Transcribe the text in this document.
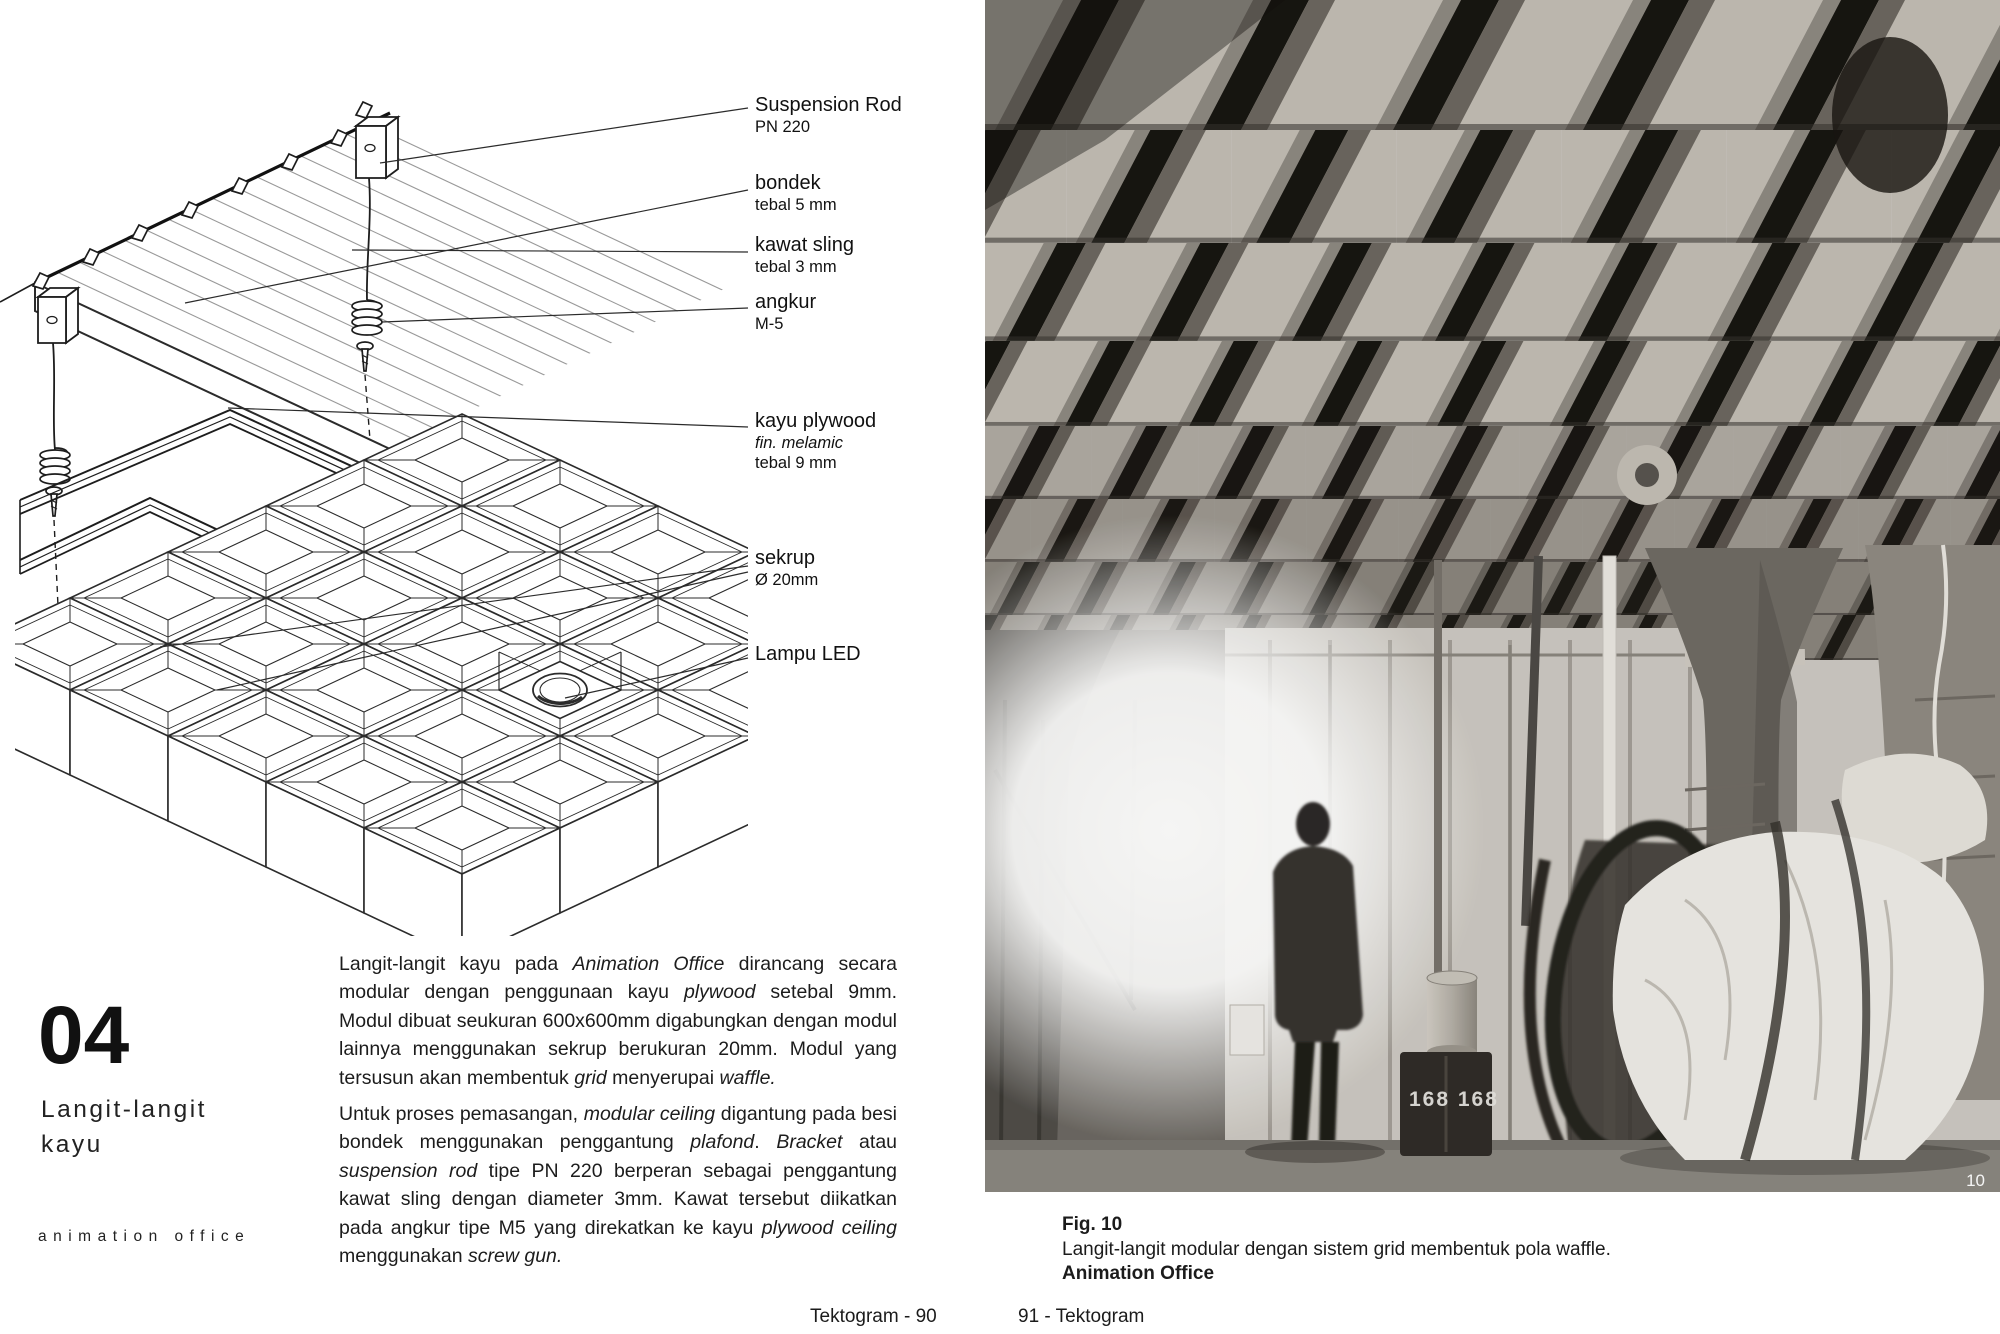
Suspension Rod
PN 220
bondek
tebal 5 mm
kawat sling
tebal 3 mm
angkur
M-5
kayu plywood
fin. melamic
tebal 9 mm
sekrup
Ø 20mm
Lampu LED
04
Langit-langit
kayu
animation office

Langit-langit kayu pada Animation Office dirancang secara modular dengan penggunaan kayu plywood setebal 9mm. Modul dibuat seukuran 600x600mm digabungkan dengan modul lainnya menggunakan sekrup berukuran 20mm. Modul yang tersusun akan membentuk grid menyerupai waffle.

Untuk proses pemasangan, modular ceiling digantung pada besi bondek menggunakan penggantung plafond. Bracket atau suspension rod tipe PN 220 berperan sebagai penggantung kawat sling dengan diameter 3mm. Kawat tersebut diikatkan pada angkur tipe M5 yang direkatkan ke kayu plywood ceiling menggunakan screw gun.

168 168
10
Fig. 10
Langit-langit modular dengan sistem grid membentuk pola waffle.
Animation Office
Tektogram - 90	91 - Tektogram
